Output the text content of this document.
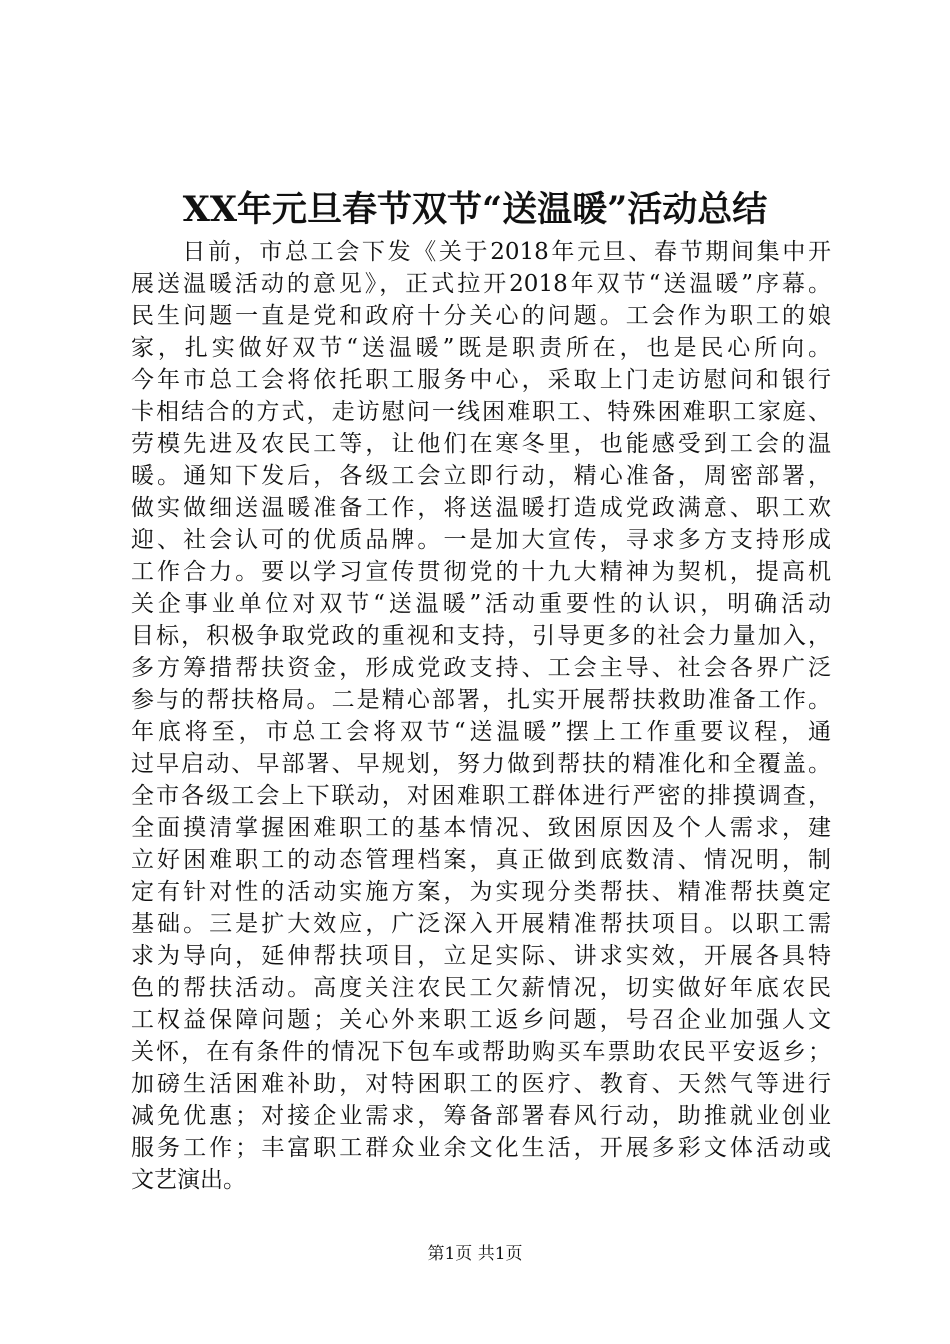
XX年元旦春节双节“送温暖”活动总结
　　日前，市总工会下发《关于2018年元旦、春节期间集中开
展送温暖活动的意见》，正式拉开2018年双节“送温暖”序幕。
民生问题一直是党和政府十分关心的问题。工会作为职工的娘
家，扎实做好双节“送温暖”既是职责所在，也是民心所向。
今年市总工会将依托职工服务中心，采取上门走访慰问和银行
卡相结合的方式，走访慰问一线困难职工、特殊困难职工家庭、
劳模先进及农民工等，让他们在寒冬里，也能感受到工会的温
暖。通知下发后，各级工会立即行动，精心准备，周密部署，
做实做细送温暖准备工作，将送温暖打造成党政满意、职工欢
迎、社会认可的优质品牌。一是加大宣传，寻求多方支持形成
工作合力。要以学习宣传贯彻党的十九大精神为契机，提高机
关企事业单位对双节“送温暖”活动重要性的认识，明确活动
目标，积极争取党政的重视和支持，引导更多的社会力量加入，
多方筹措帮扶资金，形成党政支持、工会主导、社会各界广泛
参与的帮扶格局。二是精心部署，扎实开展帮扶救助准备工作。
年底将至，市总工会将双节“送温暖”摆上工作重要议程，通
过早启动、早部署、早规划，努力做到帮扶的精准化和全覆盖。
全市各级工会上下联动，对困难职工群体进行严密的排摸调查，
全面摸清掌握困难职工的基本情况、致困原因及个人需求，建
立好困难职工的动态管理档案，真正做到底数清、情况明，制
定有针对性的活动实施方案，为实现分类帮扶、精准帮扶奠定
基础。三是扩大效应，广泛深入开展精准帮扶项目。以职工需
求为导向，延伸帮扶项目，立足实际、讲求实效，开展各具特
色的帮扶活动。高度关注农民工欠薪情况，切实做好年底农民
工权益保障问题；关心外来职工返乡问题，号召企业加强人文
关怀，在有条件的情况下包车或帮助购买车票助农民平安返乡；
加磅生活困难补助，对特困职工的医疗、教育、天然气等进行
减免优惠；对接企业需求，筹备部署春风行动，助推就业创业
服务工作；丰富职工群众业余文化生活，开展多彩文体活动或
文艺演出。
第1页 共1页
